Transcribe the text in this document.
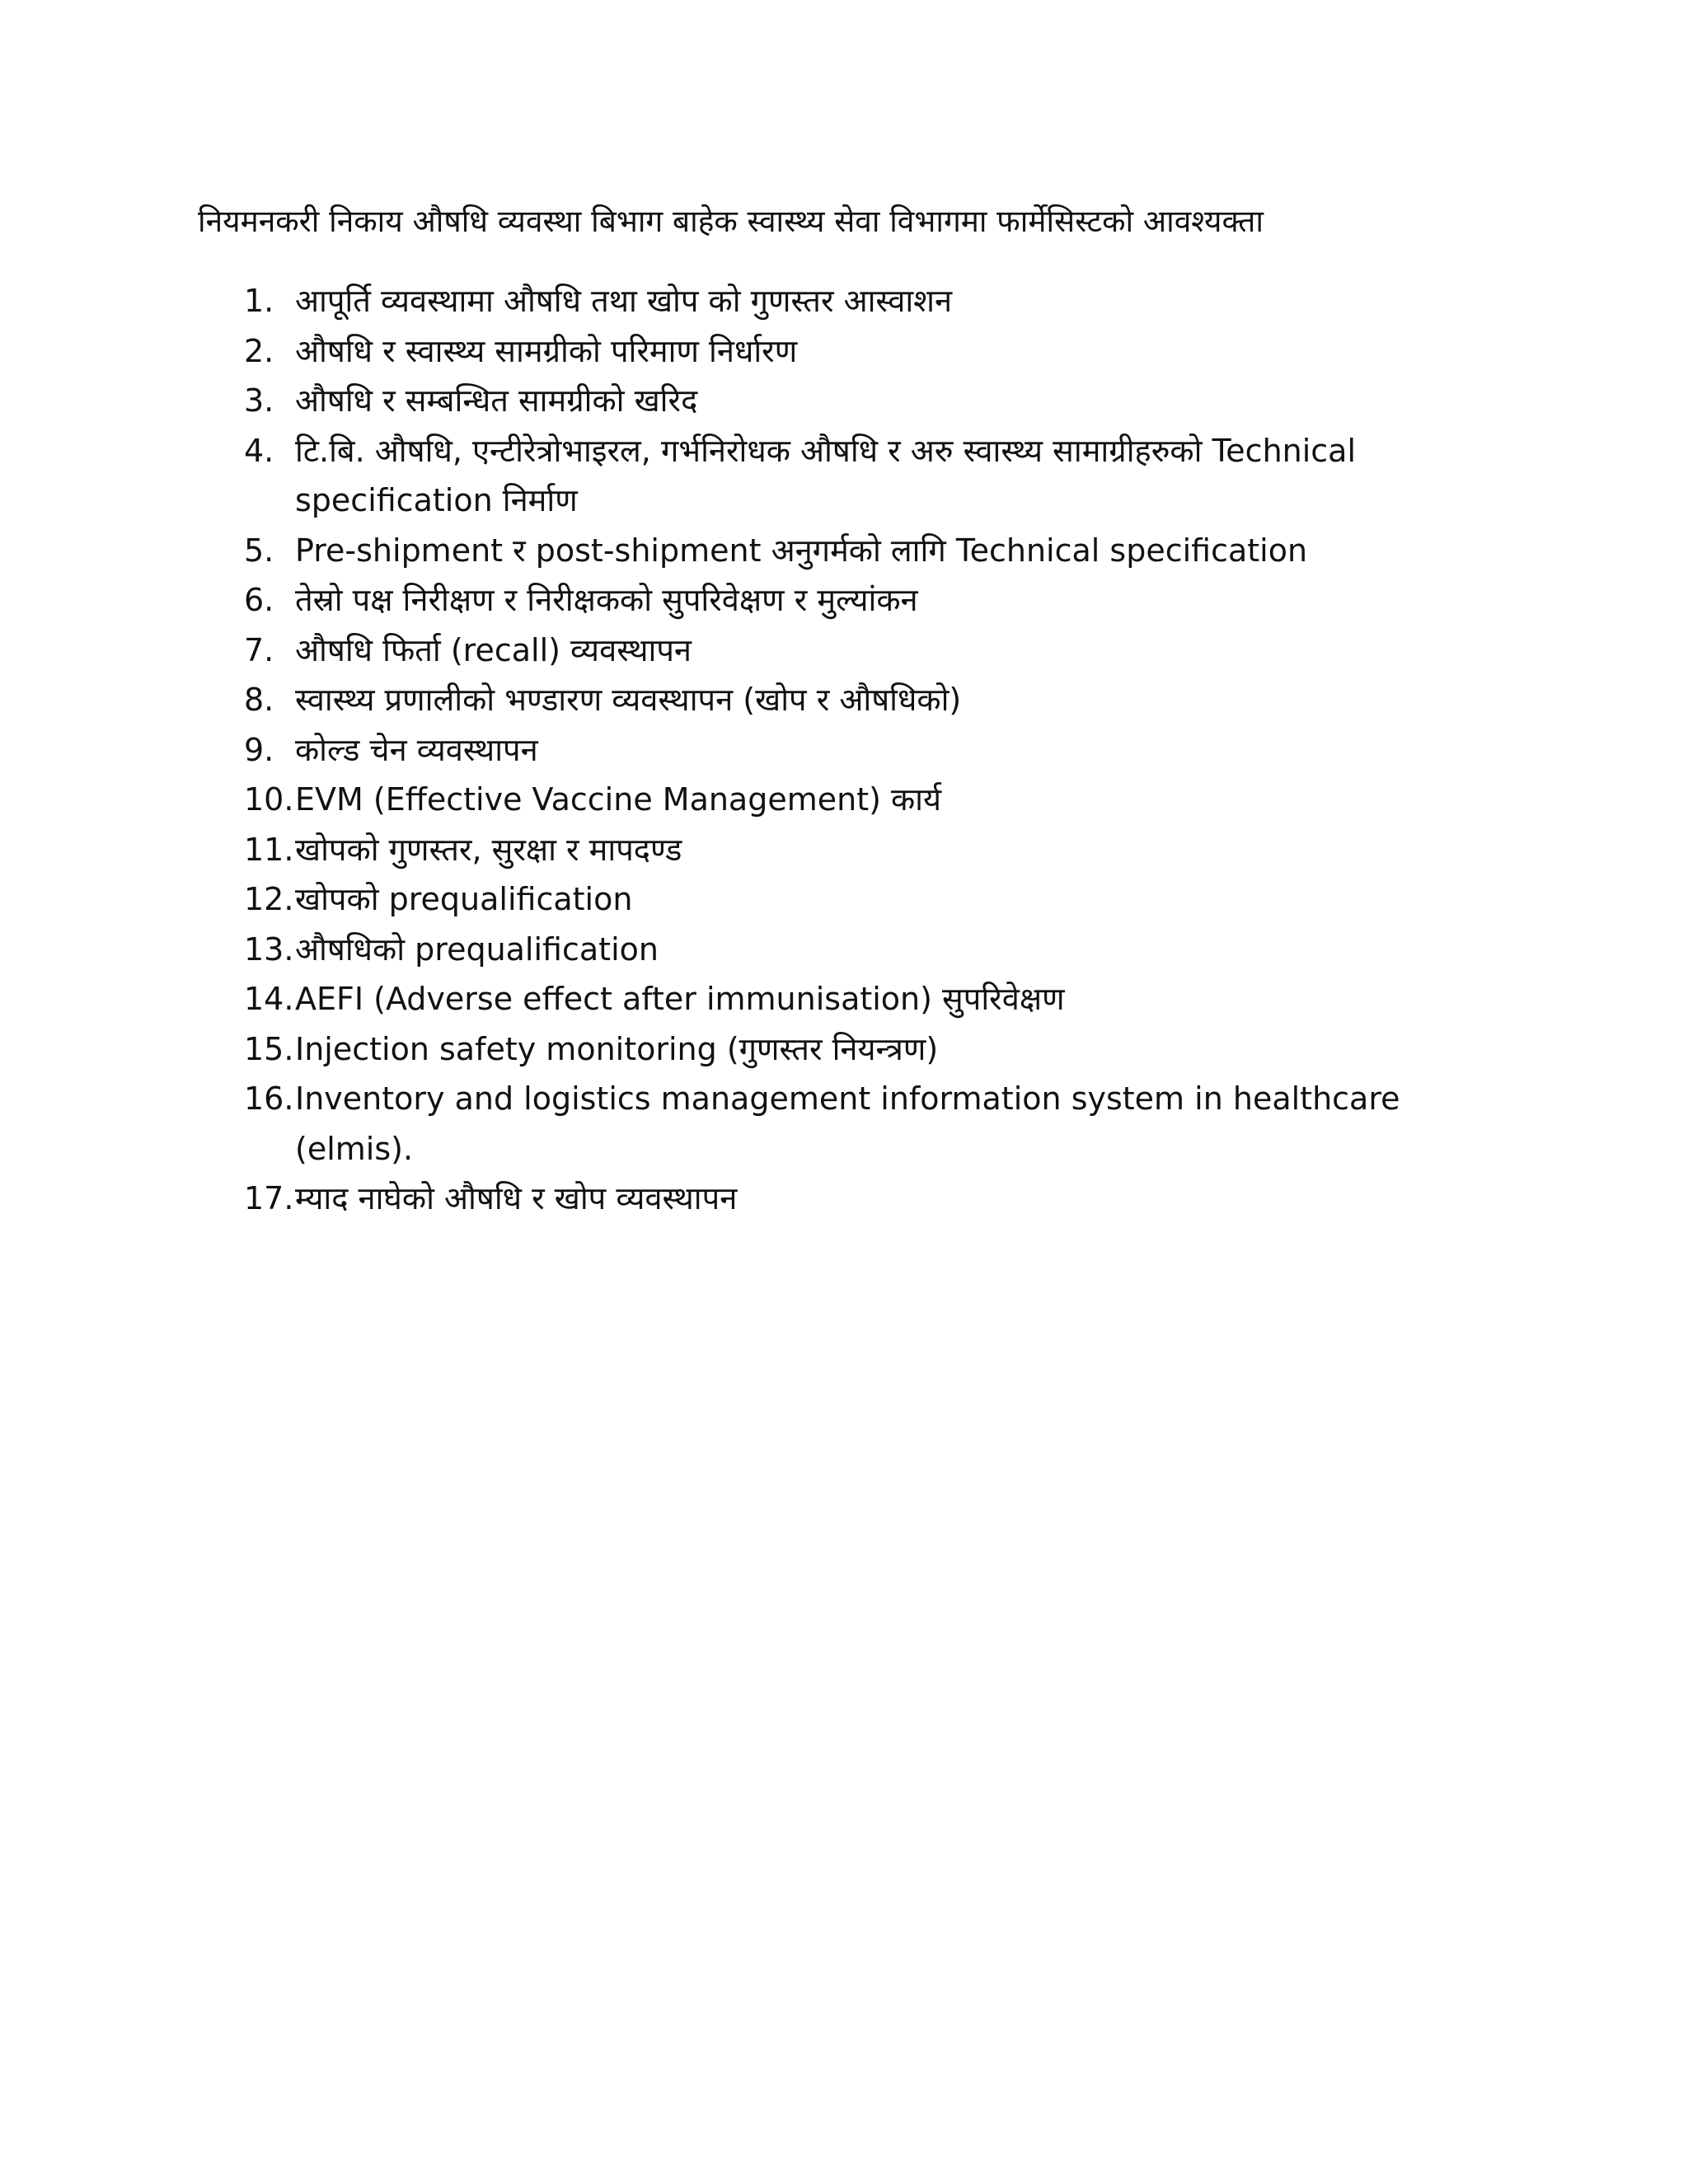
नियमनकरी निकाय औषधि व्यवस्था बिभाग बाहेक स्वास्थ्य सेवा विभागमा फार्मेसिस्टको आवश्यक्ता
1. आपूर्ति व्यवस्थामा औषधि तथा खोप को गुणस्तर आस्वाशन
2. औषधि र स्वास्थ्य सामग्रीको परिमाण निर्धारण
3. औषधि र सम्बन्धित सामग्रीको खरिद
4. टि.बि. औषधि, एन्टीरेत्रोभाइरल, गर्भनिरोधक औषधि र अरु स्वास्थ्य सामाग्रीहरुको Technical specification निर्माण
5. Pre-shipment र post-shipment अनुगर्मको लागि Technical specification
6. तेस्रो पक्ष निरीक्षण र निरीक्षकको सुपरिवेक्षण र मुल्यांकन
7. औषधि फिर्ता (recall) व्यवस्थापन
8. स्वास्थ्य प्रणालीको भण्डारण व्यवस्थापन (खोप र औषधिको)
9. कोल्ड चेन व्यवस्थापन
10. EVM (Effective Vaccine Management) कार्य
11. खोपको गुणस्तर, सुरक्षा र मापदण्ड
12. खोपको prequalification
13. औषधिको prequalification
14. AEFI (Adverse effect after immunisation) सुपरिवेक्षण
15. Injection safety monitoring (गुणस्तर नियन्त्रण)
16. Inventory and logistics management information system in healthcare (elmis).
17. म्याद नाघेको औषधि र खोप व्यवस्थापन
